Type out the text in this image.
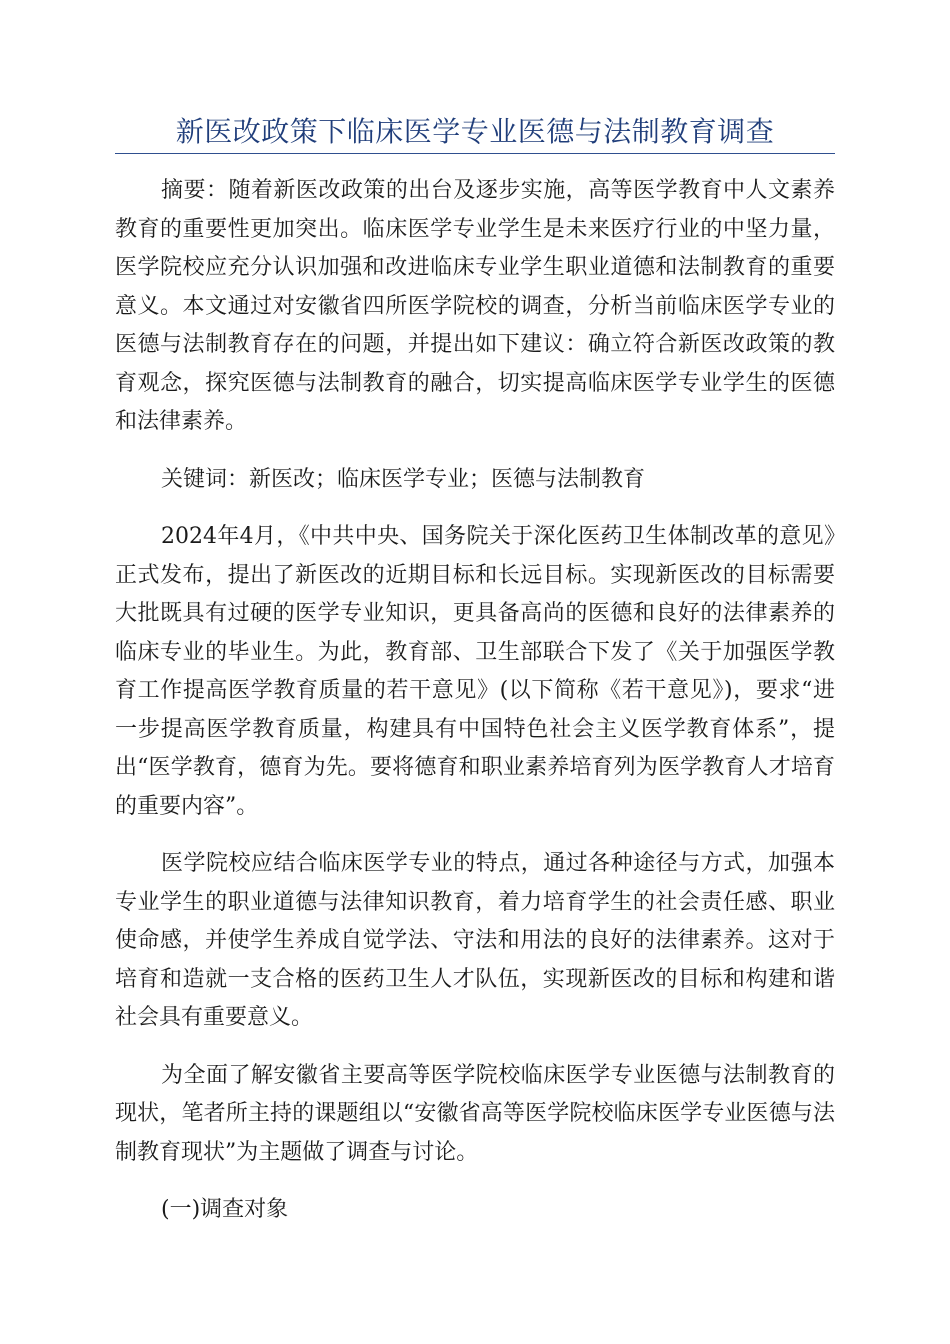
新医改政策下临床医学专业医德与法制教育调查

摘要：随着新医改政策的出台及逐步实施，高等医学教育中人文素养教育的重要性更加突出。临床医学专业学生是未来医疗行业的中坚力量，医学院校应充分认识加强和改进临床专业学生职业道德和法制教育的重要意义。本文通过对安徽省四所医学院校的调查，分析当前临床医学专业的医德与法制教育存在的问题，并提出如下建议：确立符合新医改政策的教育观念，探究医德与法制教育的融合，切实提高临床医学专业学生的医德和法律素养。

关键词：新医改；临床医学专业；医德与法制教育

2024年4月，《中共中央、国务院关于深化医药卫生体制改革的意见》正式发布，提出了新医改的近期目标和长远目标。实现新医改的目标需要大批既具有过硬的医学专业知识，更具备高尚的医德和良好的法律素养的临床专业的毕业生。为此，教育部、卫生部联合下发了《关于加强医学教育工作提高医学教育质量的若干意见》(以下简称《若干意见》)，要求“进一步提高医学教育质量，构建具有中国特色社会主义医学教育体系”，提出“医学教育，德育为先。要将德育和职业素养培育列为医学教育人才培育的重要内容”。

医学院校应结合临床医学专业的特点，通过各种途径与方式，加强本专业学生的职业道德与法律知识教育，着力培育学生的社会责任感、职业使命感，并使学生养成自觉学法、守法和用法的良好的法律素养。这对于培育和造就一支合格的医药卫生人才队伍，实现新医改的目标和构建和谐社会具有重要意义。

为全面了解安徽省主要高等医学院校临床医学专业医德与法制教育的现状，笔者所主持的课题组以“安徽省高等医学院校临床医学专业医德与法制教育现状”为主题做了调查与讨论。

(一)调查对象
